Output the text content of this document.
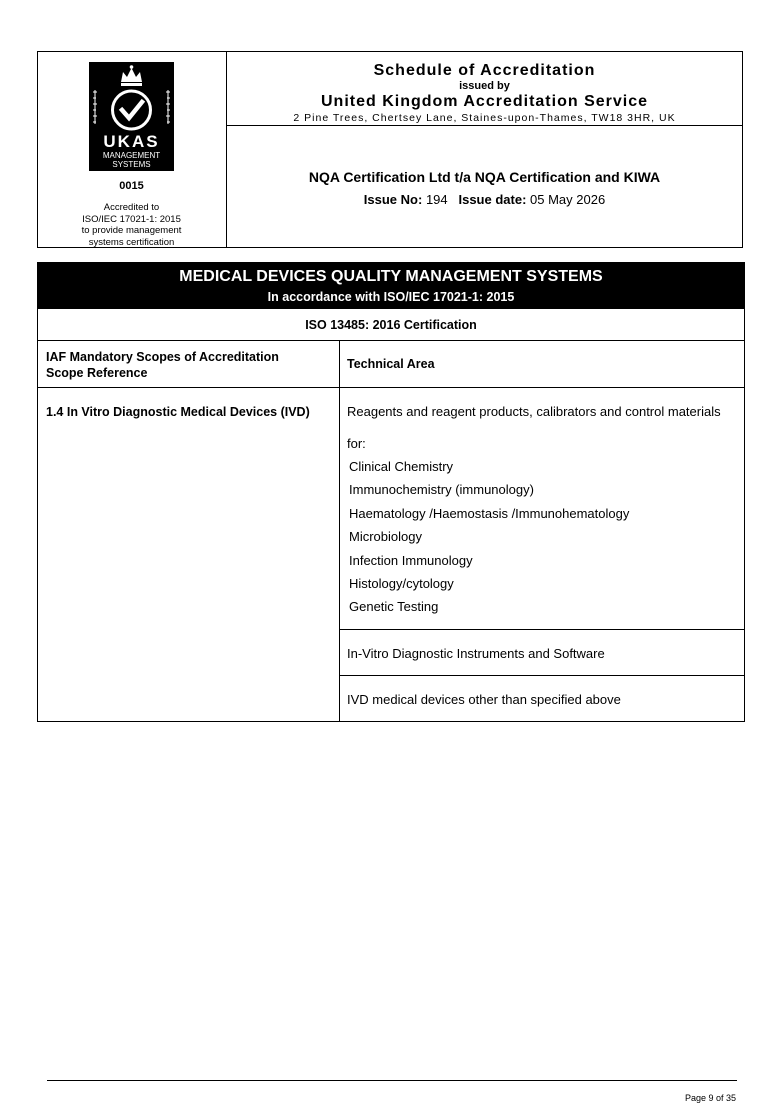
UKAS
MANAGEMENT
SYSTEMS
0015
Accredited to
ISO/IEC 17021-1: 2015
to provide management
systems certification
Schedule of Accreditation
issued by
United Kingdom Accreditation Service
2 Pine Trees, Chertsey Lane, Staines-upon-Thames, TW18 3HR, UK
NQA Certification Ltd t/a NQA Certification and KIWA
Issue No: 194 Issue date: 05 May 2026
MEDICAL DEVICES QUALITY MANAGEMENT SYSTEMS
In accordance with ISO/IEC 17021-1: 2015
ISO 13485: 2016 Certification
IAF Mandatory Scopes of Accreditation
Scope Reference
Technical Area
1.4 In Vitro Diagnostic Medical Devices (IVD)	Reagents and reagent products, calibrators and control materials
for:
Clinical Chemistry
Immunochemistry (immunology)
Haematology /Haemostasis /Immunohematology
Microbiology
Infection Immunology
Histology/cytology
Genetic Testing
In-Vitro Diagnostic Instruments and Software
IVD medical devices other than specified above
Page 9 of 35
